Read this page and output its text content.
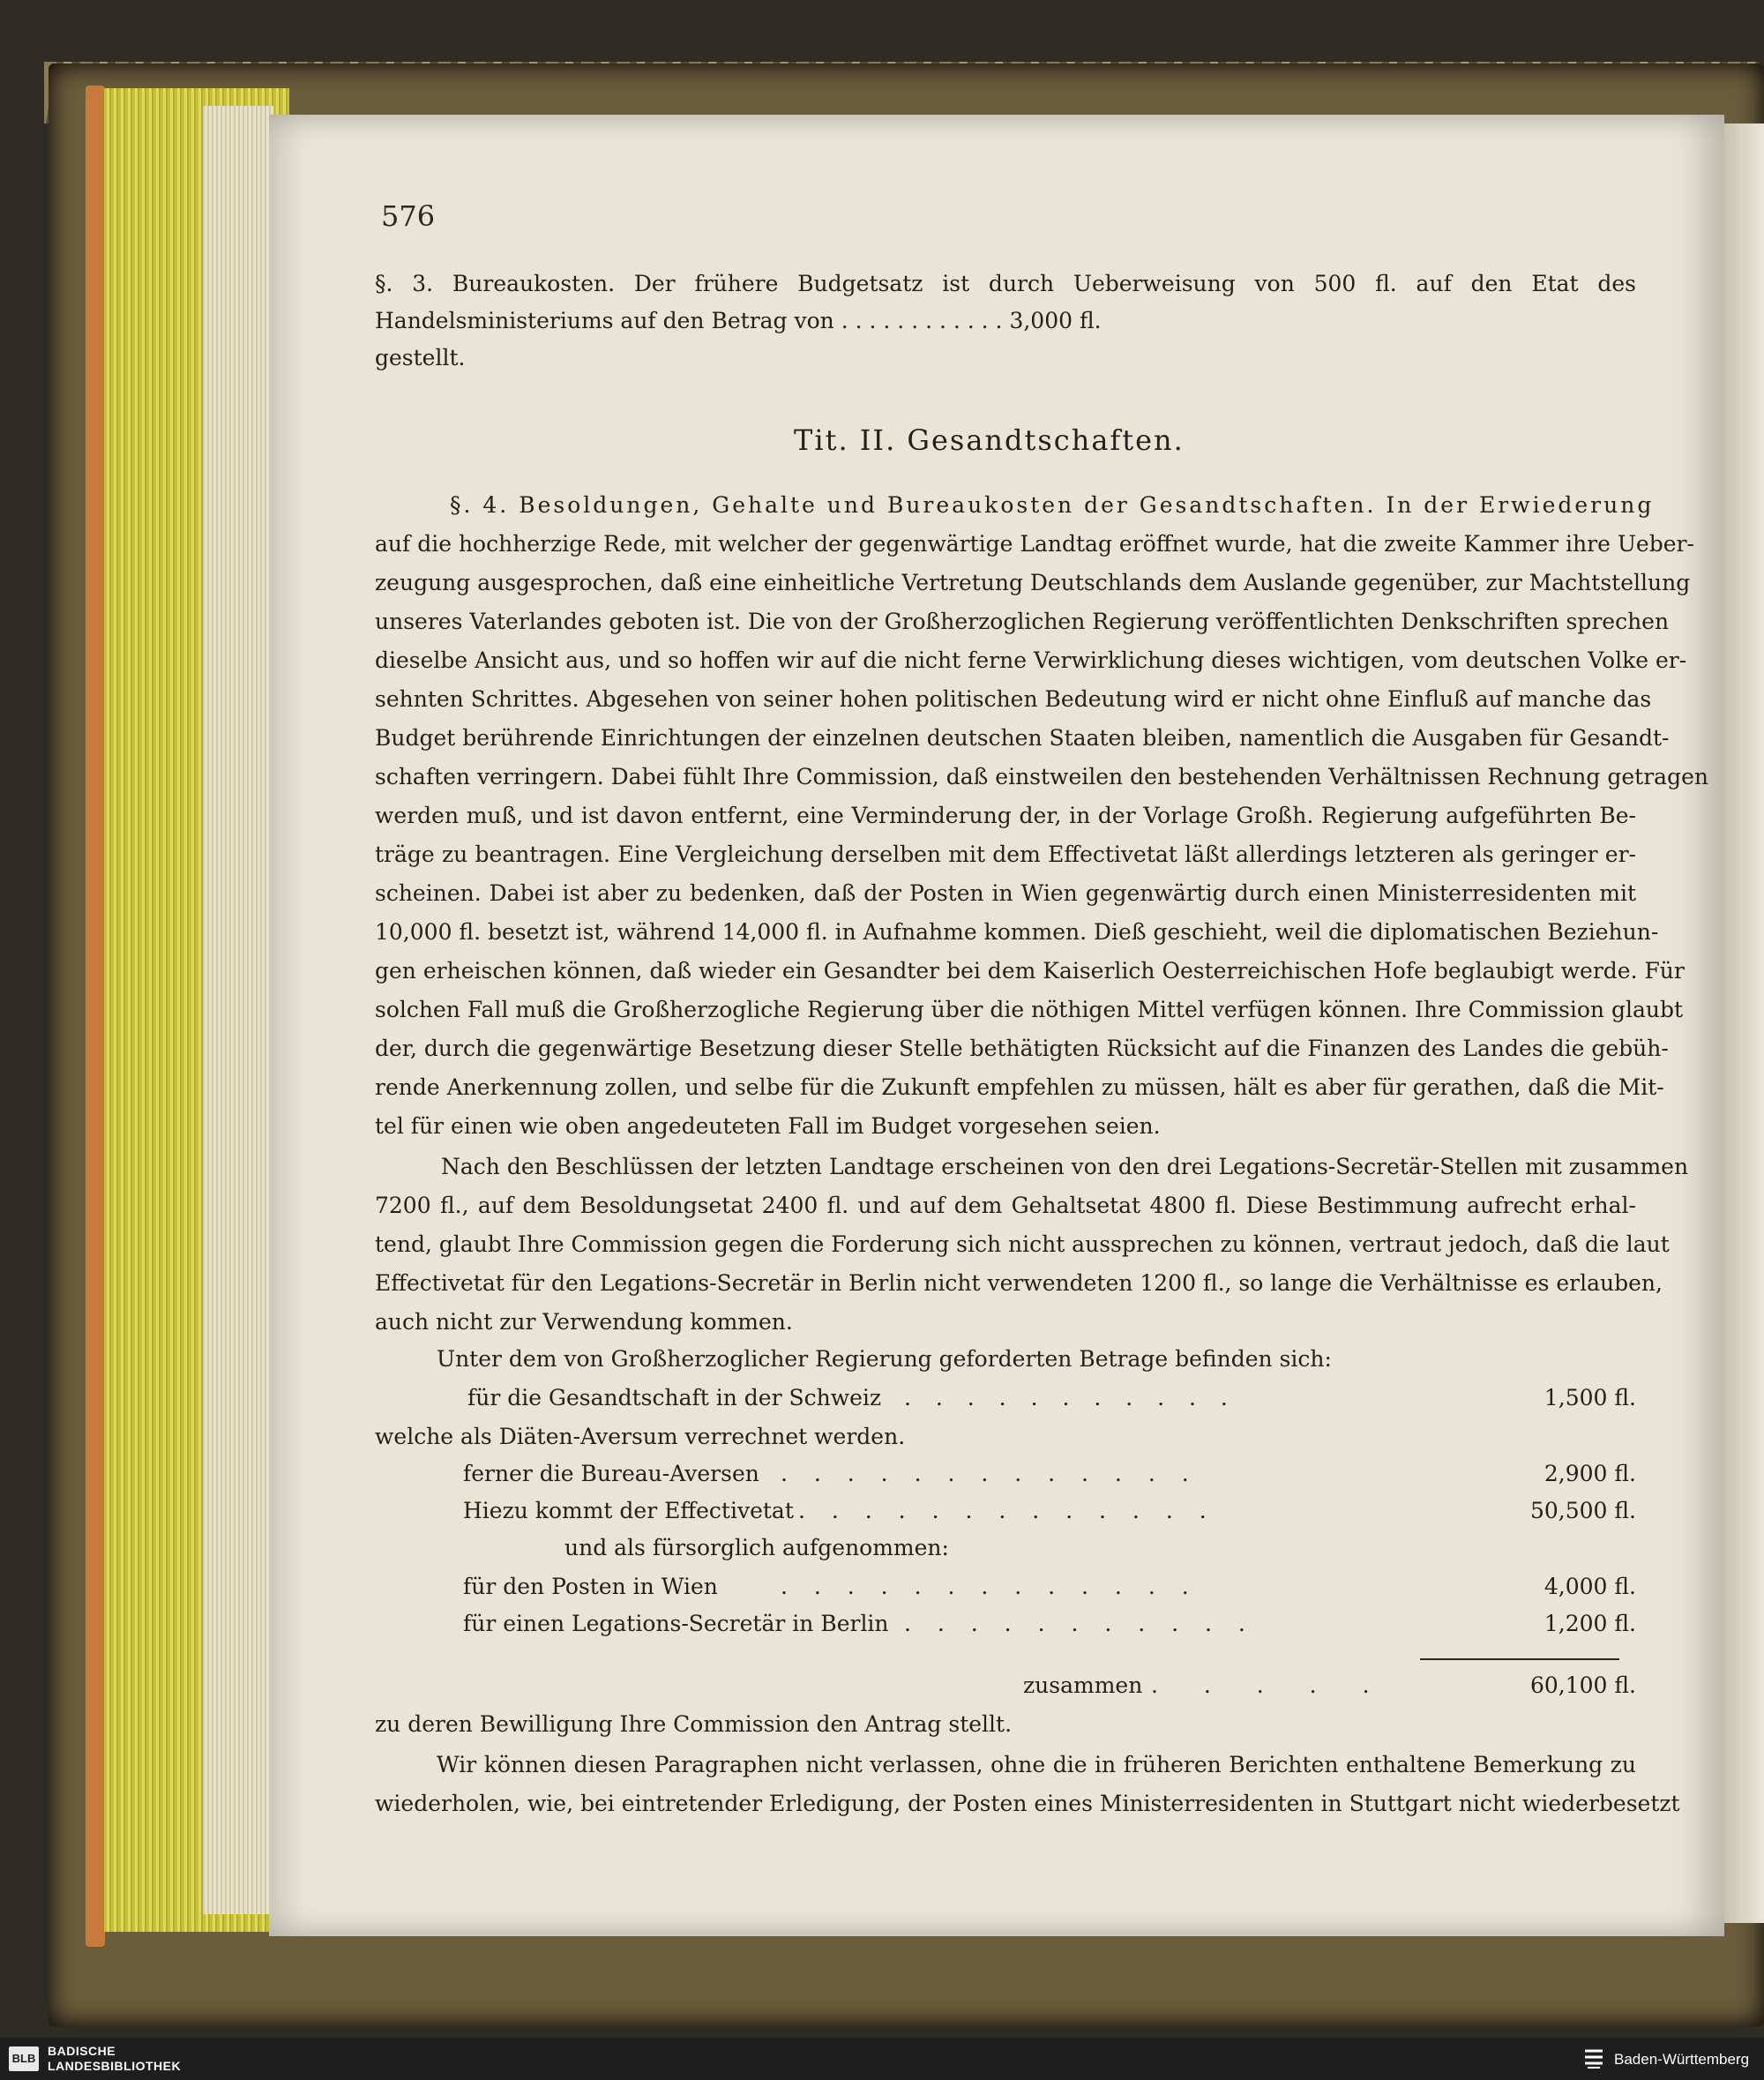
576
§. 3. Bureaukosten. Der frühere Budgetsatz ist durch Ueberweisung von 500 fl. auf den Etat des
Handelsministeriums auf den Betrag von . . . . . . . . . . . . 3,000 fl.
gestellt.
Tit. II. Gesandtschaften.
§. 4. Besoldungen, Gehalte und Bureaukosten der Gesandtschaften. In der Erwiederung
auf die hochherzige Rede, mit welcher der gegenwärtige Landtag eröffnet wurde, hat die zweite Kammer ihre Ueber-
zeugung ausgesprochen, daß eine einheitliche Vertretung Deutschlands dem Auslande gegenüber, zur Machtstellung
unseres Vaterlandes geboten ist. Die von der Großherzoglichen Regierung veröffentlichten Denkschriften sprechen
dieselbe Ansicht aus, und so hoffen wir auf die nicht ferne Verwirklichung dieses wichtigen, vom deutschen Volke er-
sehnten Schrittes. Abgesehen von seiner hohen politischen Bedeutung wird er nicht ohne Einfluß auf manche das
Budget berührende Einrichtungen der einzelnen deutschen Staaten bleiben, namentlich die Ausgaben für Gesandt-
schaften verringern. Dabei fühlt Ihre Commission, daß einstweilen den bestehenden Verhältnissen Rechnung getragen
werden muß, und ist davon entfernt, eine Verminderung der, in der Vorlage Großh. Regierung aufgeführten Be-
träge zu beantragen. Eine Vergleichung derselben mit dem Effectivetat läßt allerdings letzteren als geringer er-
scheinen. Dabei ist aber zu bedenken, daß der Posten in Wien gegenwärtig durch einen Ministerresidenten mit
10,000 fl. besetzt ist, während 14,000 fl. in Aufnahme kommen. Dieß geschieht, weil die diplomatischen Beziehun-
gen erheischen können, daß wieder ein Gesandter bei dem Kaiserlich Oesterreichischen Hofe beglaubigt werde. Für
solchen Fall muß die Großherzogliche Regierung über die nöthigen Mittel verfügen können. Ihre Commission glaubt
der, durch die gegenwärtige Besetzung dieser Stelle bethätigten Rücksicht auf die Finanzen des Landes die gebüh-
rende Anerkennung zollen, und selbe für die Zukunft empfehlen zu müssen, hält es aber für gerathen, daß die Mit-
tel für einen wie oben angedeuteten Fall im Budget vorgesehen seien.
Nach den Beschlüssen der letzten Landtage erscheinen von den drei Legations-Secretär-Stellen mit zusammen
7200 fl., auf dem Besoldungsetat 2400 fl. und auf dem Gehaltsetat 4800 fl. Diese Bestimmung aufrecht erhal-
tend, glaubt Ihre Commission gegen die Forderung sich nicht aussprechen zu können, vertraut jedoch, daß die laut
Effectivetat für den Legations-Secretär in Berlin nicht verwendeten 1200 fl., so lange die Verhältnisse es erlauben,
auch nicht zur Verwendung kommen.
Unter dem von Großherzoglicher Regierung geforderten Betrage befinden sich:
für die Gesandtschaft in der Schweiz . . . . . . . . . . .	1,500 fl.
welche als Diäten-Aversum verrechnet werden.
ferner die Bureau-Aversen . . . . . . . . . . . . .	2,900 fl.
Hiezu kommt der Effectivetat . . . . . . . . . . . . .	50,500 fl.
und als fürsorglich aufgenommen:
für den Posten in Wien	. . . . . . . . . . . . .	4,000 fl.
für einen Legations-Secretär in Berlin . . . . . . . . . . .	1,200 fl.
zusammen . . . . .	60,100 fl.
zu deren Bewilligung Ihre Commission den Antrag stellt.
Wir können diesen Paragraphen nicht verlassen, ohne die in früheren Berichten enthaltene Bemerkung zu
wiederholen, wie, bei eintretender Erledigung, der Posten eines Ministerresidenten in Stuttgart nicht wiederbesetzt
BLB
BADISCHE
LANDESBIBLIOTHEK	Baden-Württemberg
